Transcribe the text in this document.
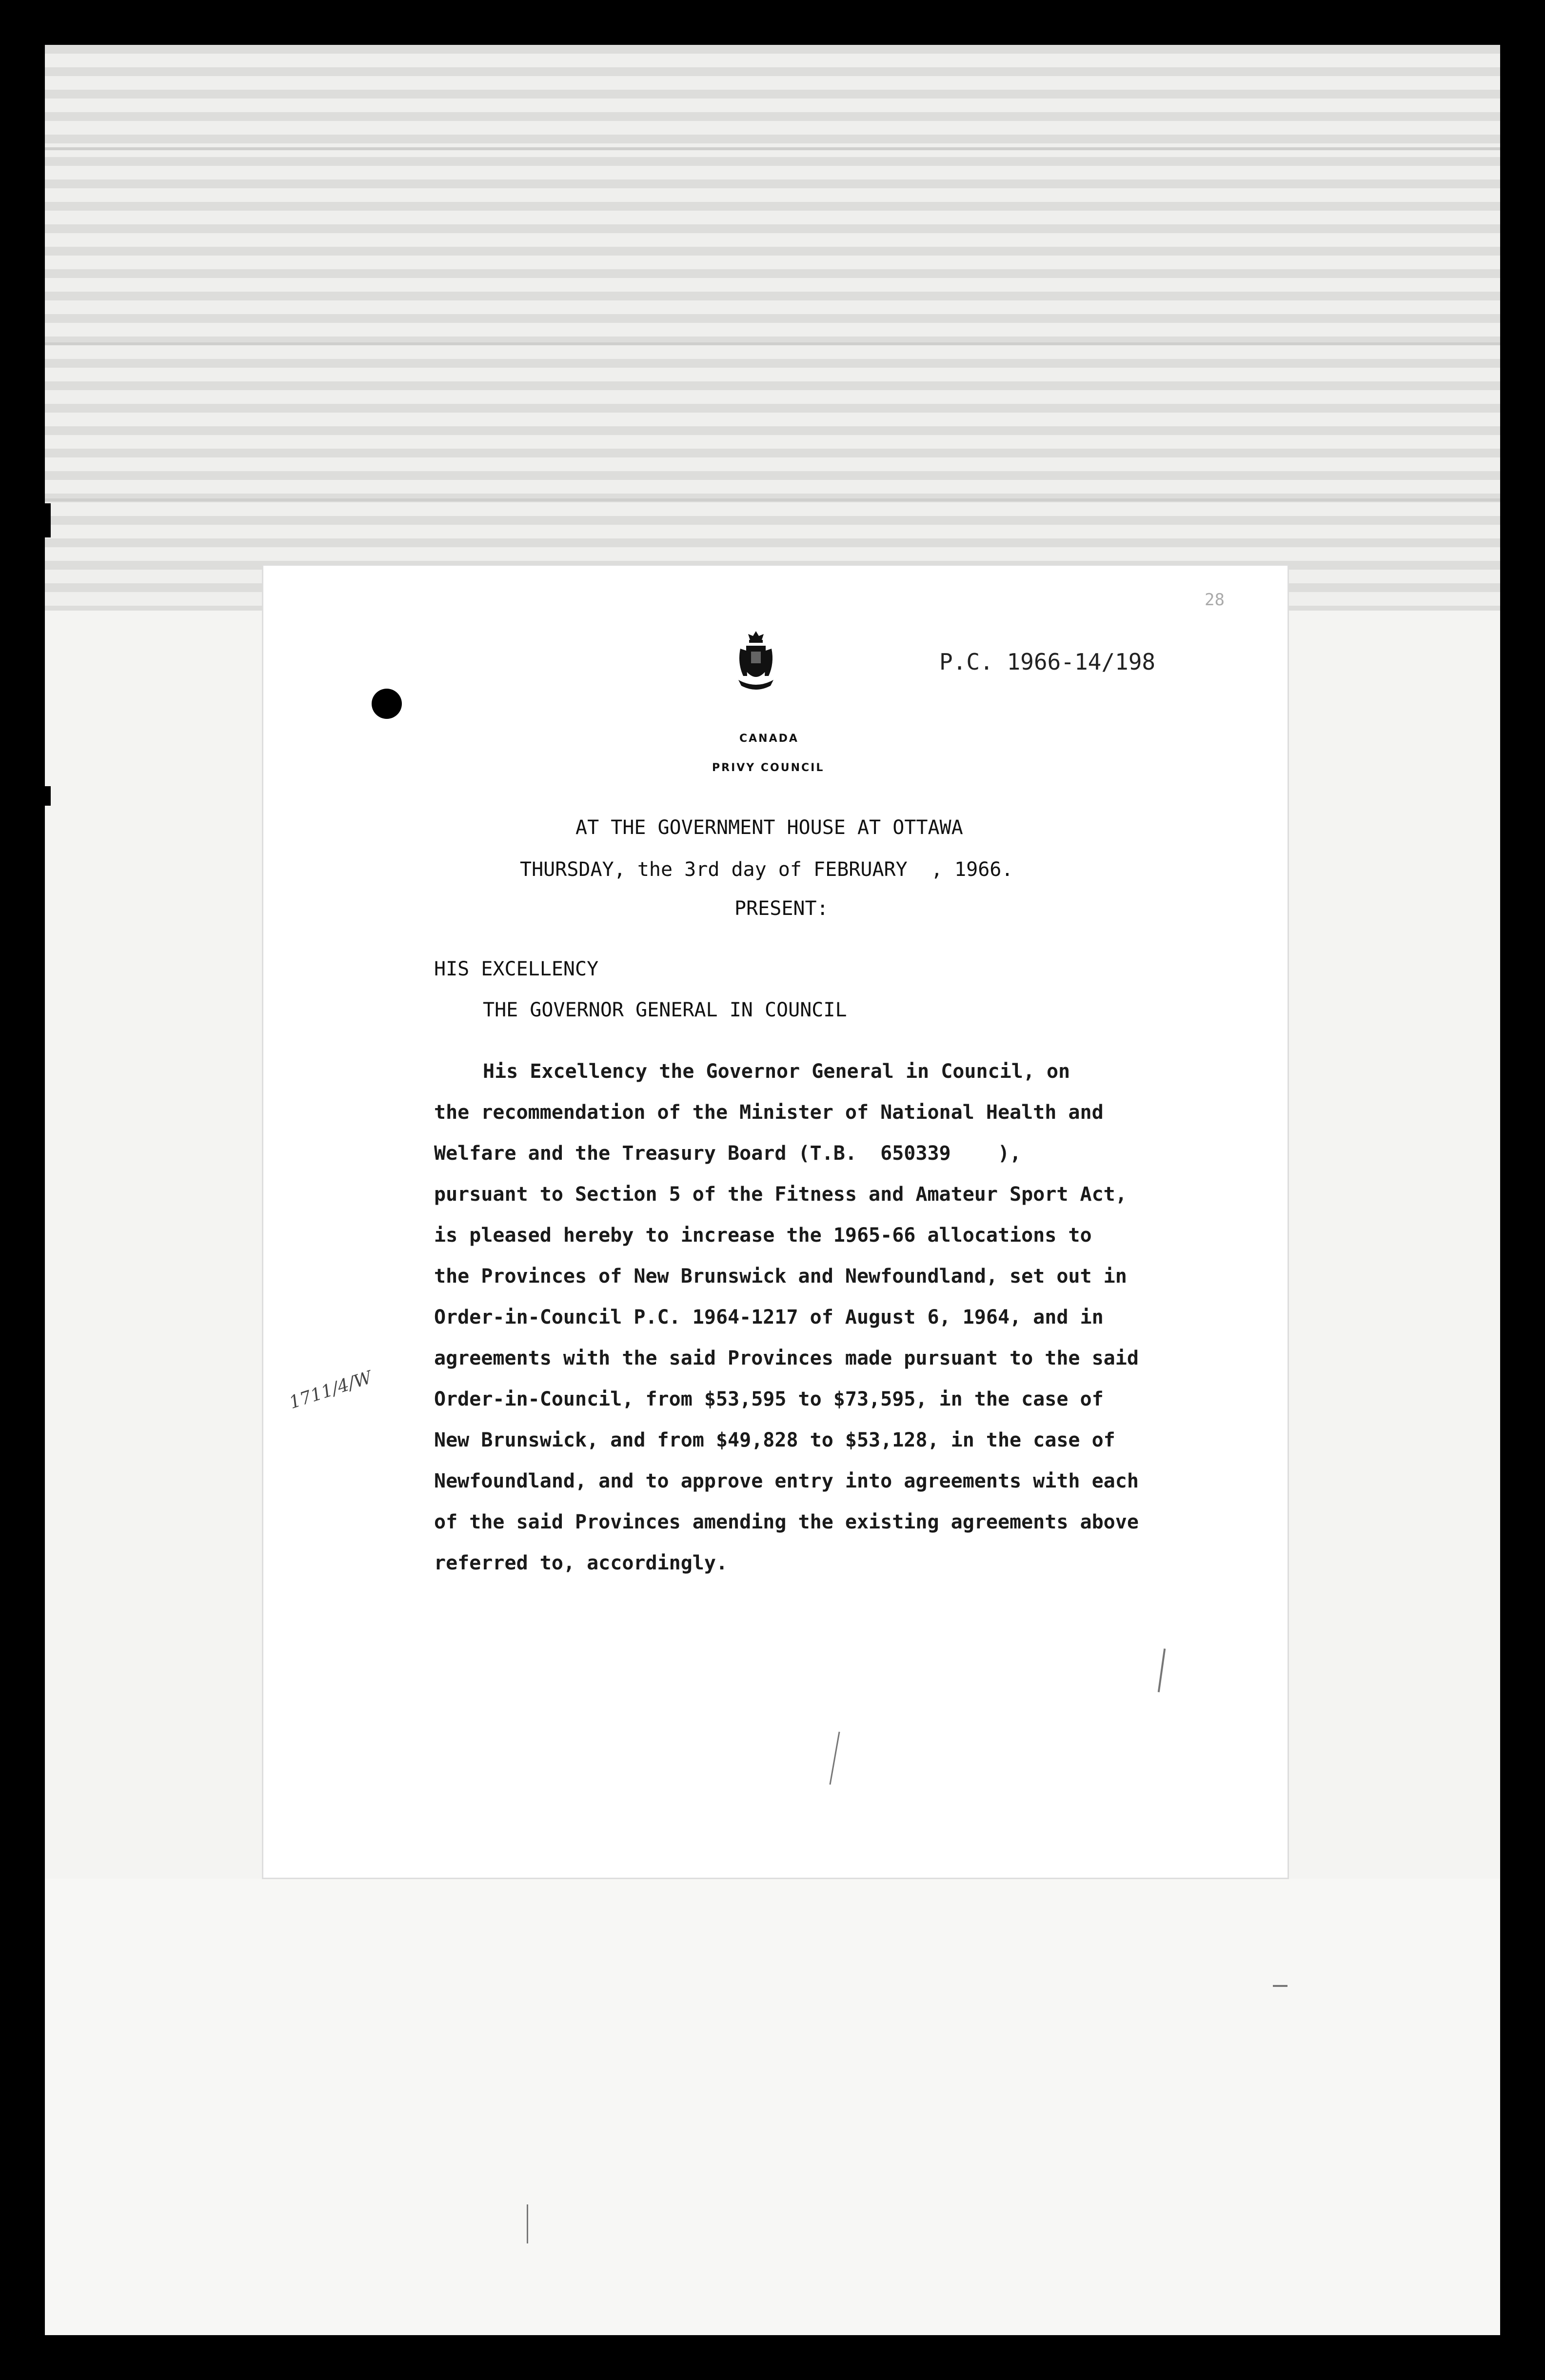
CANADA
PRIVY COUNCIL
P.C. 1966-14/198
28
AT THE GOVERNMENT HOUSE AT OTTAWA
THURSDAY, the 3rd day of FEBRUARY  , 1966.
PRESENT:
HIS EXCELLENCY
THE GOVERNOR GENERAL IN COUNCIL
His Excellency the Governor General in Council, on
the recommendation of the Minister of National Health and
Welfare and the Treasury Board (T.B.  650339    ),
pursuant to Section 5 of the Fitness and Amateur Sport Act,
is pleased hereby to increase the 1965-66 allocations to
the Provinces of New Brunswick and Newfoundland, set out in
Order-in-Council P.C. 1964-1217 of August 6, 1964, and in
agreements with the said Provinces made pursuant to the said
Order-in-Council, from $53,595 to $73,595, in the case of
New Brunswick, and from $49,828 to $53,128, in the case of
Newfoundland, and to approve entry into agreements with each
of the said Provinces amending the existing agreements above
referred to, accordingly.
1711/4/W
